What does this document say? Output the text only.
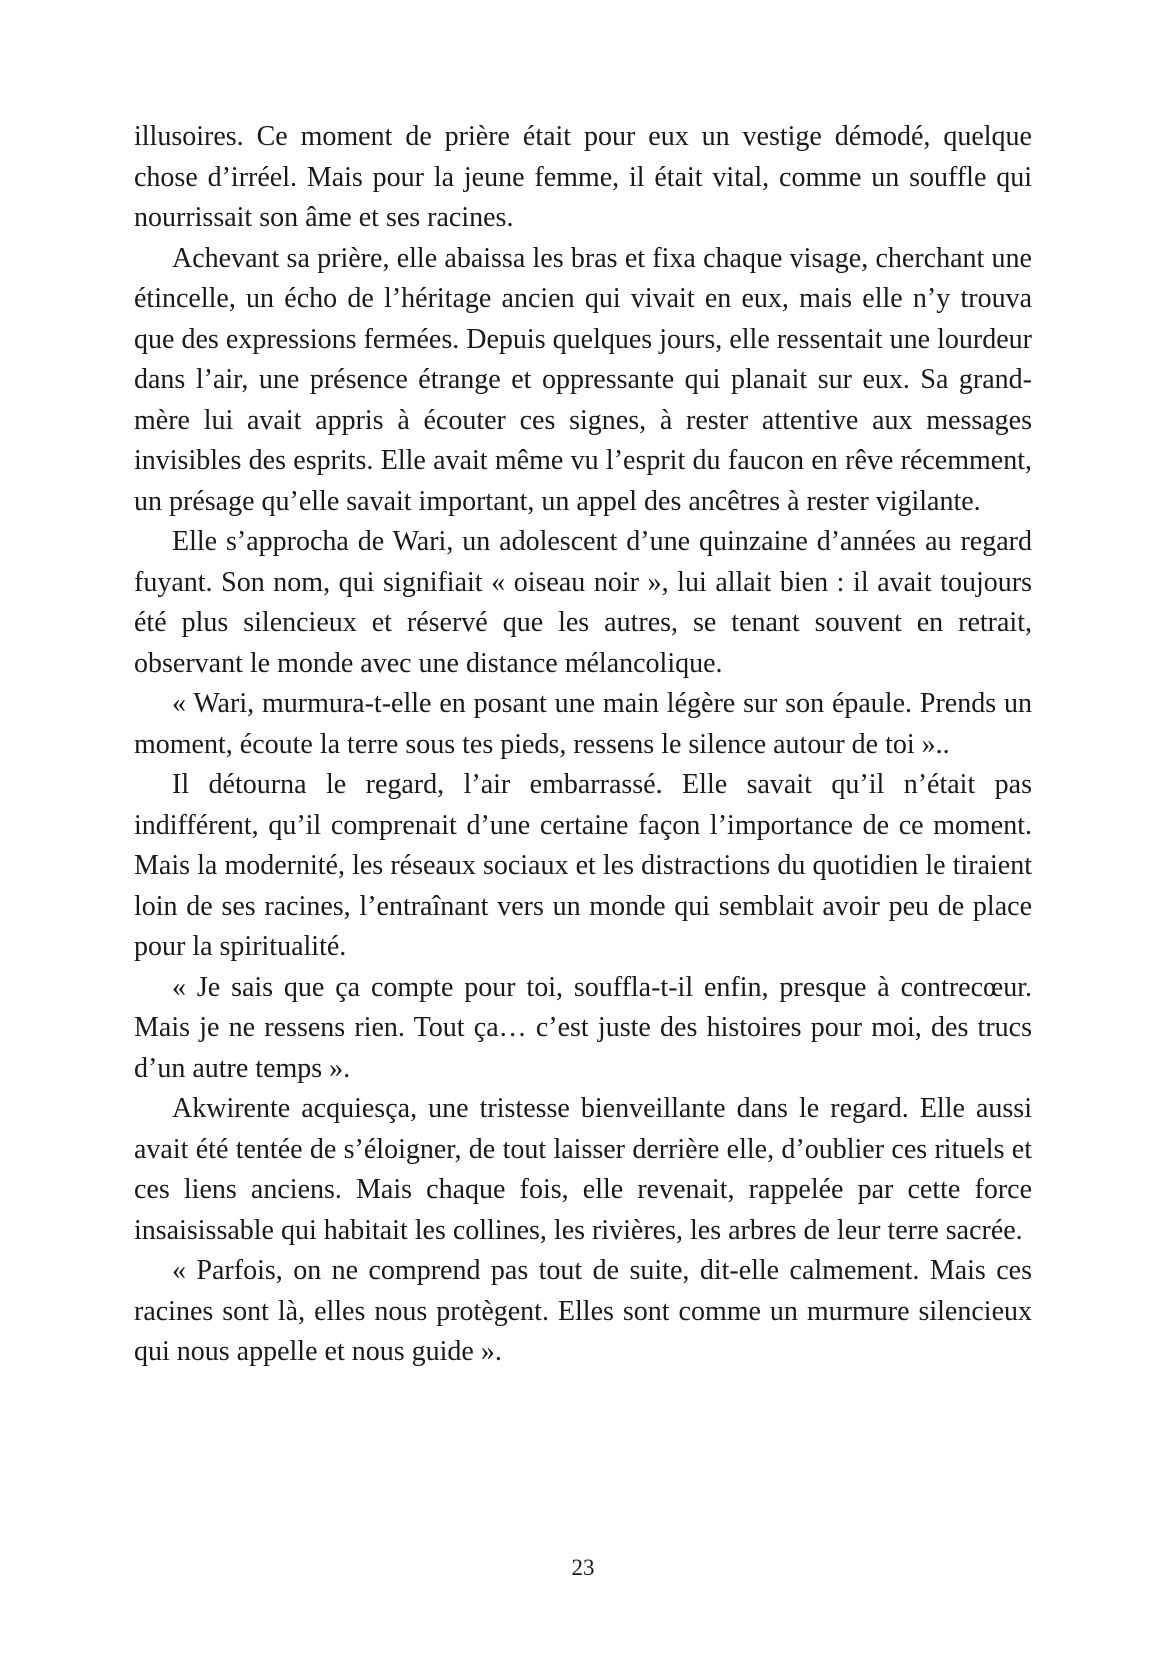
illusoires. Ce moment de prière était pour eux un vestige démodé, quelque chose d’irréel. Mais pour la jeune femme, il était vital, comme un souffle qui nourrissait son âme et ses racines.

Achevant sa prière, elle abaissa les bras et fixa chaque visage, cherchant une étincelle, un écho de l’héritage ancien qui vivait en eux, mais elle n’y trouva que des expressions fermées. Depuis quelques jours, elle ressentait une lourdeur dans l’air, une présence étrange et oppressante qui planait sur eux. Sa grand-mère lui avait appris à écouter ces signes, à rester attentive aux messages invisibles des esprits. Elle avait même vu l’esprit du faucon en rêve récemment, un présage qu’elle savait important, un appel des ancêtres à rester vigilante.

Elle s’approcha de Wari, un adolescent d’une quinzaine d’années au regard fuyant. Son nom, qui signifiait « oiseau noir », lui allait bien : il avait toujours été plus silencieux et réservé que les autres, se tenant souvent en retrait, observant le monde avec une distance mélancolique.

« Wari, murmura-t-elle en posant une main légère sur son épaule. Prends un moment, écoute la terre sous tes pieds, ressens le silence autour de toi »..

Il détourna le regard, l’air embarrassé. Elle savait qu’il n’était pas indifférent, qu’il comprenait d’une certaine façon l’importance de ce moment. Mais la modernité, les réseaux sociaux et les distractions du quotidien le tiraient loin de ses racines, l’entraînant vers un monde qui semblait avoir peu de place pour la spiritualité.

« Je sais que ça compte pour toi, souffla-t-il enfin, presque à contrecœur. Mais je ne ressens rien. Tout ça… c’est juste des histoires pour moi, des trucs d’un autre temps ».

Akwirente acquiesça, une tristesse bienveillante dans le regard. Elle aussi avait été tentée de s’éloigner, de tout laisser derrière elle, d’oublier ces rituels et ces liens anciens. Mais chaque fois, elle revenait, rappelée par cette force insaisissable qui habitait les collines, les rivières, les arbres de leur terre sacrée.

« Parfois, on ne comprend pas tout de suite, dit-elle calmement. Mais ces racines sont là, elles nous protègent. Elles sont comme un murmure silencieux qui nous appelle et nous guide ».

23
